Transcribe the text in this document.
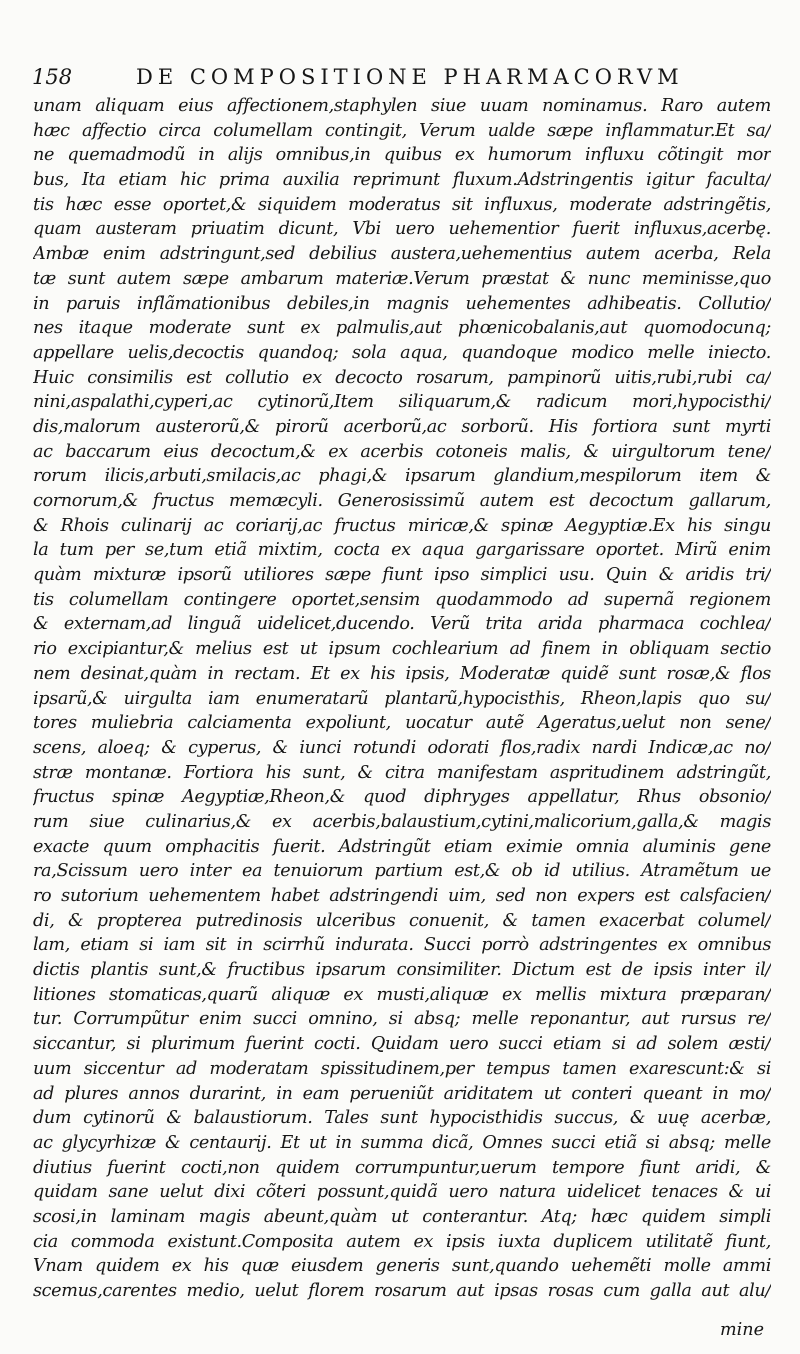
158	DE COMPOSITIONE PHARMACORVM
unam aliquam eius affectionem,staphylen siue uuam nominamus. Raro autem
hæc affectio circa columellam contingit, Verum ualde sæpe inflammatur.Et sa/
ne quemadmodũ in alijs omnibus,in quibus ex humorum influxu cõtingit mor
bus, Ita etiam hic prima auxilia reprimunt fluxum.Adstringentis igitur faculta/
tis hæc esse oportet,& siquidem moderatus sit influxus, moderate adstringẽtis,
quam austeram priuatim dicunt, Vbi uero uehementior fuerit influxus,acerbę.
Ambæ enim adstringunt,sed debilius austera,uehementius autem acerba, Rela
tæ sunt autem sæpe ambarum materiæ.Verum præstat & nunc meminisse,quo
in paruis inflãmationibus debiles,in magnis uehementes adhibeatis. Collutio/
nes itaque moderate sunt ex palmulis,aut phœnicobalanis,aut quomodocunq;
appellare uelis,decoctis quandoq; sola aqua, quandoque modico melle iniecto.
Huic consimilis est collutio ex decocto rosarum, pampinorũ uitis,rubi,rubi ca/
nini,aspalathi,cyperi,ac cytinorũ,Item siliquarum,& radicum mori,hypocisthi/
dis,malorum austerorũ,& pirorũ acerborũ,ac sorborũ. His fortiora sunt myrti
ac baccarum eius decoctum,& ex acerbis cotoneis malis, & uirgultorum tene/
rorum ilicis,arbuti,smilacis,ac phagi,& ipsarum glandium,mespilorum item &
cornorum,& fructus memæcyli. Generosissimũ autem est decoctum gallarum,
& Rhois culinarij ac coriarij,ac fructus miricæ,& spinæ Aegyptiæ.Ex his singu
la tum per se,tum etiã mixtim, cocta ex aqua gargarissare oportet. Mirũ enim
quàm mixturæ ipsorũ utiliores sæpe fiunt ipso simplici usu. Quin & aridis tri/
tis columellam contingere oportet,sensim quodammodo ad supernã regionem
& externam,ad linguã uidelicet,ducendo. Verũ trita arida pharmaca cochlea/
rio excipiantur,& melius est ut ipsum cochlearium ad finem in obliquam sectio
nem desinat,quàm in rectam. Et ex his ipsis, Moderatæ quidẽ sunt rosæ,& flos
ipsarũ,& uirgulta iam enumeratarũ plantarũ,hypocisthis, Rheon,lapis quo su/
tores muliebria calciamenta expoliunt, uocatur autẽ Ageratus,uelut non sene/
scens, aloeq; & cyperus, & iunci rotundi odorati flos,radix nardi Indicæ,ac no/
stræ montanæ. Fortiora his sunt, & citra manifestam aspritudinem adstringũt,
fructus spinæ Aegyptiæ,Rheon,& quod diphryges appellatur, Rhus obsonio/
rum siue culinarius,& ex acerbis,balaustium,cytini,malicorium,galla,& magis
exacte quum omphacitis fuerit. Adstringũt etiam eximie omnia aluminis gene
ra,Scissum uero inter ea tenuiorum partium est,& ob id utilius. Atramẽtum ue
ro sutorium uehementem habet adstringendi uim, sed non expers est calsfacien/
di, & propterea putredinosis ulceribus conuenit, & tamen exacerbat columel/
lam, etiam si iam sit in scirrhũ indurata. Succi porrò adstringentes ex omnibus
dictis plantis sunt,& fructibus ipsarum consimiliter. Dictum est de ipsis inter il/
litiones stomaticas,quarũ aliquæ ex musti,aliquæ ex mellis mixtura præparan/
tur. Corrumpũtur enim succi omnino, si absq; melle reponantur, aut rursus re/
siccantur, si plurimum fuerint cocti. Quidam uero succi etiam si ad solem æsti/
uum siccentur ad moderatam spissitudinem,per tempus tamen exarescunt:& si
ad plures annos durarint, in eam perueniũt ariditatem ut conteri queant in mo/
dum cytinorũ & balaustiorum. Tales sunt hypocisthidis succus, & uuę acerbæ,
ac glycyrhizæ & centaurij. Et ut in summa dicã, Omnes succi etiã si absq; melle
diutius fuerint cocti,non quidem corrumpuntur,uerum tempore fiunt aridi, &
quidam sane uelut dixi cõteri possunt,quidã uero natura uidelicet tenaces & ui
scosi,in laminam magis abeunt,quàm ut conterantur. Atq; hæc quidem simpli
cia commoda existunt.Composita autem ex ipsis iuxta duplicem utilitatẽ fiunt,
Vnam quidem ex his quæ eiusdem generis sunt,quando uehemẽti molle ammi
scemus,carentes medio, uelut florem rosarum aut ipsas rosas cum galla aut alu/
mine
